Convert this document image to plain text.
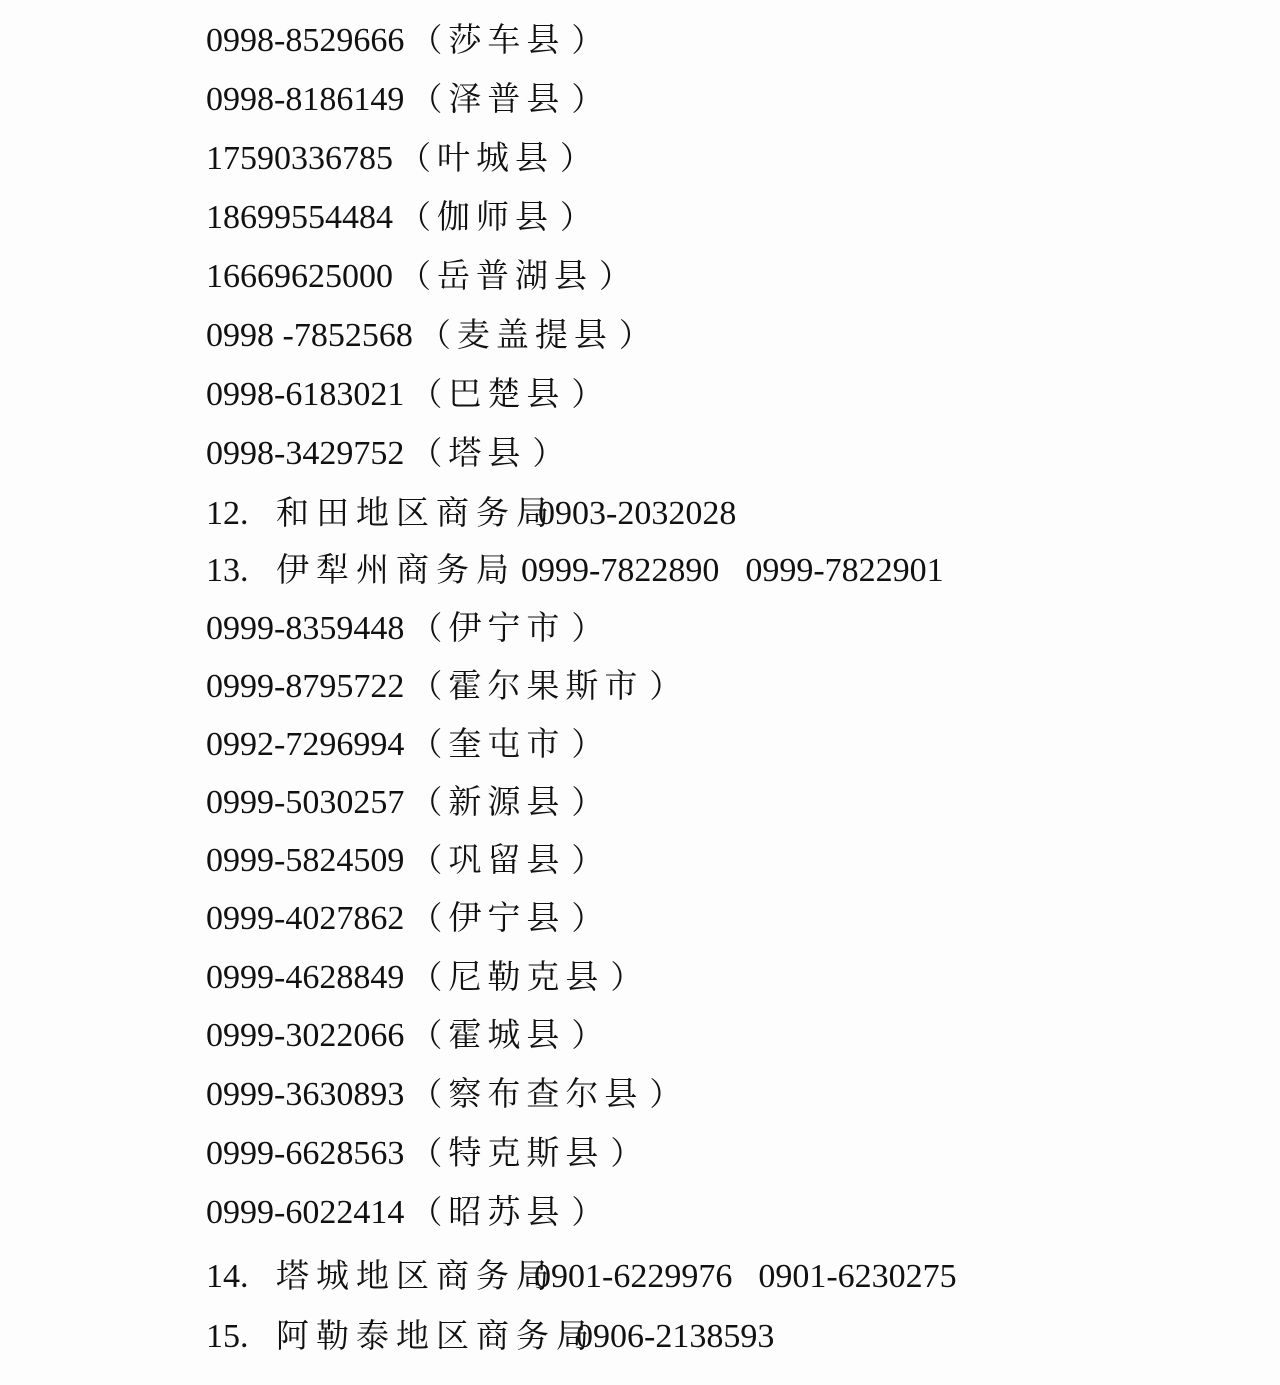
0998-8529666 （ 莎车县 ）
0998-8186149 （ 泽普县 ）
17590336785 （ 叶城县 ）
18699554484 （ 伽师县 ）
16669625000 （ 岳普湖县 ）
0998 -7852568 （ 麦盖提县 ）
0998-6183021 （ 巴楚县 ）
0998-3429752 （ 塔县 ）
12. 和田地区商务局0903-2032028
13. 伊犁州商务局 0999-7822890 0999-7822901
0999-8359448 （ 伊宁市 ）
0999-8795722 （ 霍尔果斯市 ）
0992-7296994 （ 奎屯市 ）
0999-5030257 （ 新源县 ）
0999-5824509 （ 巩留县 ）
0999-4027862 （ 伊宁县 ）
0999-4628849 （ 尼勒克县 ）
0999-3022066 （ 霍城县 ）
0999-3630893 （ 察布查尔县 ）
0999-6628563 （ 特克斯县 ）
0999-6022414 （ 昭苏县 ）
14. 塔城地区商务局0901-6229976 0901-6230275
15. 阿勒泰地区商务局0906-2138593
